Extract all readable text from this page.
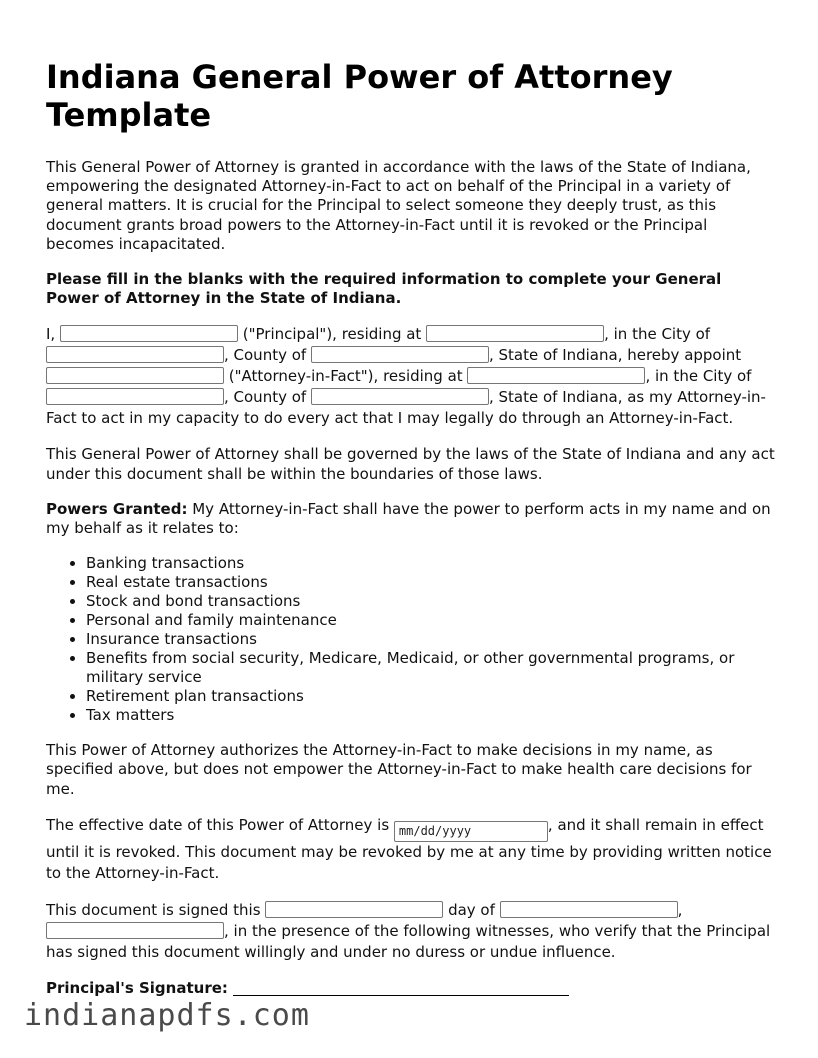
Indiana General Power of Attorney Template

This General Power of Attorney is granted in accordance with the laws of the State of Indiana, empowering the designated Attorney-in-Fact to act on behalf of the Principal in a variety of general matters. It is crucial for the Principal to select someone they deeply trust, as this document grants broad powers to the Attorney-in-Fact until it is revoked or the Principal becomes incapacitated.

Please fill in the blanks with the required information to complete your General Power of Attorney in the State of Indiana.

I,	("Principal"), residing at	, in the City of , County of	, State of Indiana, hereby appoint  ("Attorney-in-Fact"), residing at	, in the City of , County of	, State of Indiana, as my Attorney-in-Fact to act in my capacity to do every act that I may legally do through an Attorney-in-Fact.

This General Power of Attorney shall be governed by the laws of the State of Indiana and any act under this document shall be within the boundaries of those laws.

Powers Granted: My Attorney-in-Fact shall have the power to perform acts in my name and on my behalf as it relates to:

• Banking transactions
• Real estate transactions
• Stock and bond transactions
• Personal and family maintenance
• Insurance transactions
• Benefits from social security, Medicare, Medicaid, or other governmental programs, or military service
• Retirement plan transactions
• Tax matters

This Power of Attorney authorizes the Attorney-in-Fact to make decisions in my name, as specified above, but does not empower the Attorney-in-Fact to make health care decisions for me.

The effective date of this Power of Attorney is mm/dd/yyyy	, and it shall remain in effect until it is revoked. This document may be revoked by me at any time by providing written notice to the Attorney-in-Fact.

This document is signed this	day of	, , in the presence of the following witnesses, who verify that the Principal has signed this document willingly and under no duress or undue influence.

Principal's Signature:

indianapdfs.com
